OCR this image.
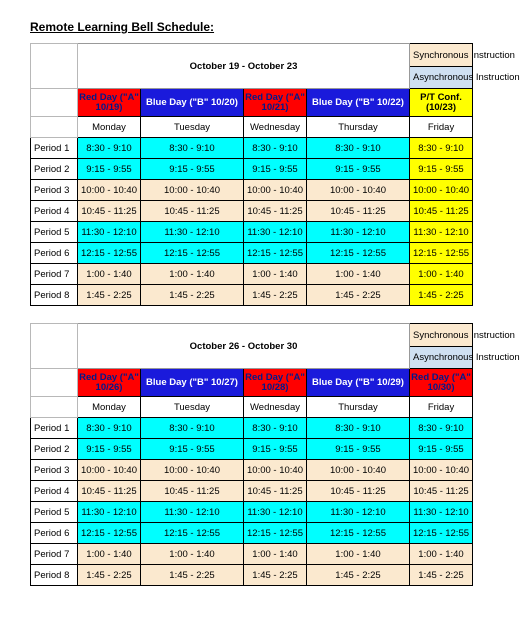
Remote Learning Bell Schedule:
	October 19 - October 23				Synchronous Instruction
					Asynchronous Instruction
	Red Day ("A" 10/19)	Blue Day ("B" 10/20)	Red Day ("A" 10/21)	Blue Day ("B" 10/22)	P/T Conf. (10/23)
	Monday	Tuesday	Wednesday	Thursday	Friday
Period 1	8:30 - 9:10	8:30 - 9:10	8:30 - 9:10	8:30 - 9:10	8:30 - 9:10
Period 2	9:15 - 9:55	9:15 - 9:55	9:15 - 9:55	9:15 - 9:55	9:15 - 9:55
Period 3	10:00 - 10:40	10:00 - 10:40	10:00 - 10:40	10:00 - 10:40	10:00 - 10:40
Period 4	10:45 - 11:25	10:45 - 11:25	10:45 - 11:25	10:45 - 11:25	10:45 - 11:25
Period 5	11:30 - 12:10	11:30 - 12:10	11:30 - 12:10	11:30 - 12:10	11:30 - 12:10
Period 6	12:15 - 12:55	12:15 - 12:55	12:15 - 12:55	12:15 - 12:55	12:15 - 12:55
Period 7	1:00 - 1:40	1:00 - 1:40	1:00 - 1:40	1:00 - 1:40	1:00 - 1:40
Period 8	1:45 - 2:25	1:45 - 2:25	1:45 - 2:25	1:45 - 2:25	1:45 - 2:25
	October 26 - October 30				Synchronous Instruction
					Asynchronous Instruction
	Red Day ("A" 10/26)	Blue Day ("B" 10/27)	Red Day ("A" 10/28)	Blue Day ("B" 10/29)	Red Day ("A" 10/30)
	Monday	Tuesday	Wednesday	Thursday	Friday
Period 1	8:30 - 9:10	8:30 - 9:10	8:30 - 9:10	8:30 - 9:10	8:30 - 9:10
Period 2	9:15 - 9:55	9:15 - 9:55	9:15 - 9:55	9:15 - 9:55	9:15 - 9:55
Period 3	10:00 - 10:40	10:00 - 10:40	10:00 - 10:40	10:00 - 10:40	10:00 - 10:40
Period 4	10:45 - 11:25	10:45 - 11:25	10:45 - 11:25	10:45 - 11:25	10:45 - 11:25
Period 5	11:30 - 12:10	11:30 - 12:10	11:30 - 12:10	11:30 - 12:10	11:30 - 12:10
Period 6	12:15 - 12:55	12:15 - 12:55	12:15 - 12:55	12:15 - 12:55	12:15 - 12:55
Period 7	1:00 - 1:40	1:00 - 1:40	1:00 - 1:40	1:00 - 1:40	1:00 - 1:40
Period 8	1:45 - 2:25	1:45 - 2:25	1:45 - 2:25	1:45 - 2:25	1:45 - 2:25
